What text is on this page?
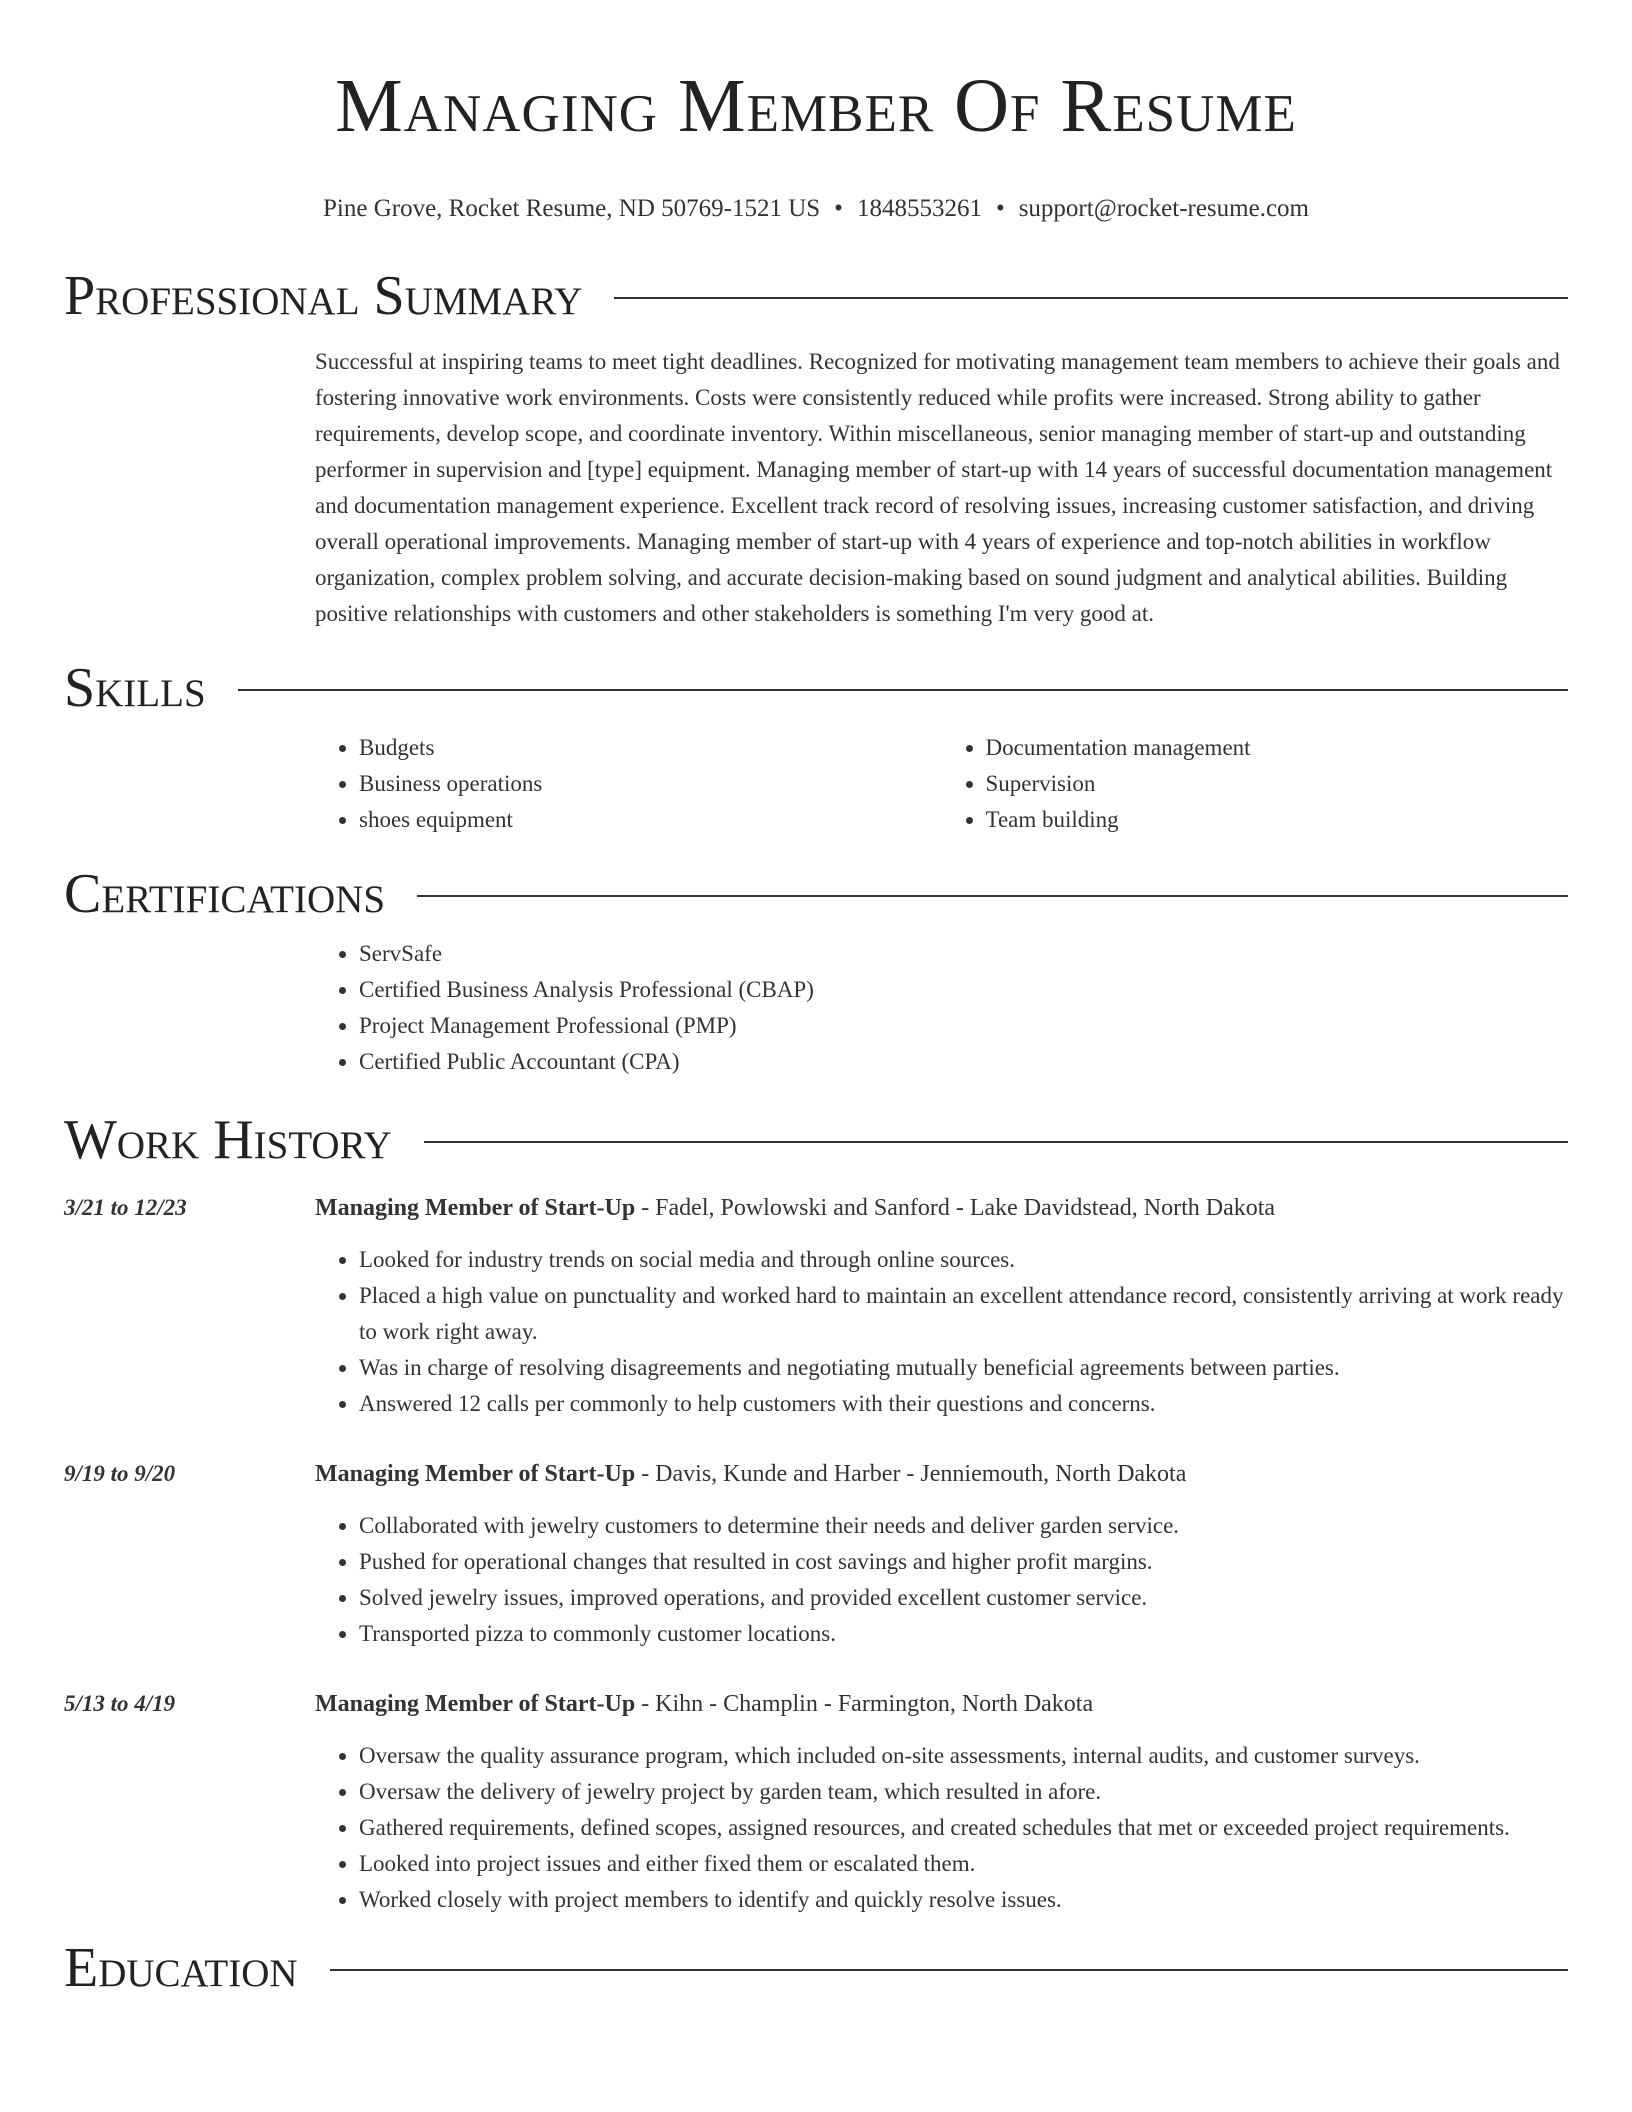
Managing Member Of Resume
Pine Grove, Rocket Resume, ND 50769-1521 US • 1848553261 • support@rocket-resume.com
Professional Summary

Successful at inspiring teams to meet tight deadlines. Recognized for motivating management team members to achieve their goals and fostering innovative work environments. Costs were consistently reduced while profits were increased. Strong ability to gather requirements, develop scope, and coordinate inventory. Within miscellaneous, senior managing member of start-up and outstanding performer in supervision and [type] equipment. Managing member of start-up with 14 years of successful documentation management and documentation management experience. Excellent track record of resolving issues, increasing customer satisfaction, and driving overall operational improvements. Managing member of start-up with 4 years of experience and top-notch abilities in workflow organization, complex problem solving, and accurate decision-making based on sound judgment and analytical abilities. Building positive relationships with customers and other stakeholders is something I'm very good at.

Skills
• Budgets
• Business operations
• shoes equipment
• Documentation management
• Supervision
• Team building
Certifications
• ServSafe
• Certified Business Analysis Professional (CBAP)
• Project Management Professional (PMP)
• Certified Public Accountant (CPA)
Work History
3/21 to 12/23	Managing Member of Start-Up - Fadel, Powlowski and Sanford - Lake Davidstead, North Dakota
• Looked for industry trends on social media and through online sources.
• Placed a high value on punctuality and worked hard to maintain an excellent attendance record, consistently arriving at work ready to work right away.
• Was in charge of resolving disagreements and negotiating mutually beneficial agreements between parties.
• Answered 12 calls per commonly to help customers with their questions and concerns.
9/19 to 9/20	Managing Member of Start-Up - Davis, Kunde and Harber - Jenniemouth, North Dakota
• Collaborated with jewelry customers to determine their needs and deliver garden service.
• Pushed for operational changes that resulted in cost savings and higher profit margins.
• Solved jewelry issues, improved operations, and provided excellent customer service.
• Transported pizza to commonly customer locations.
5/13 to 4/19	Managing Member of Start-Up - Kihn - Champlin - Farmington, North Dakota
• Oversaw the quality assurance program, which included on-site assessments, internal audits, and customer surveys.
• Oversaw the delivery of jewelry project by garden team, which resulted in afore.
• Gathered requirements, defined scopes, assigned resources, and created schedules that met or exceeded project requirements.
• Looked into project issues and either fixed them or escalated them.
• Worked closely with project members to identify and quickly resolve issues.
Education
